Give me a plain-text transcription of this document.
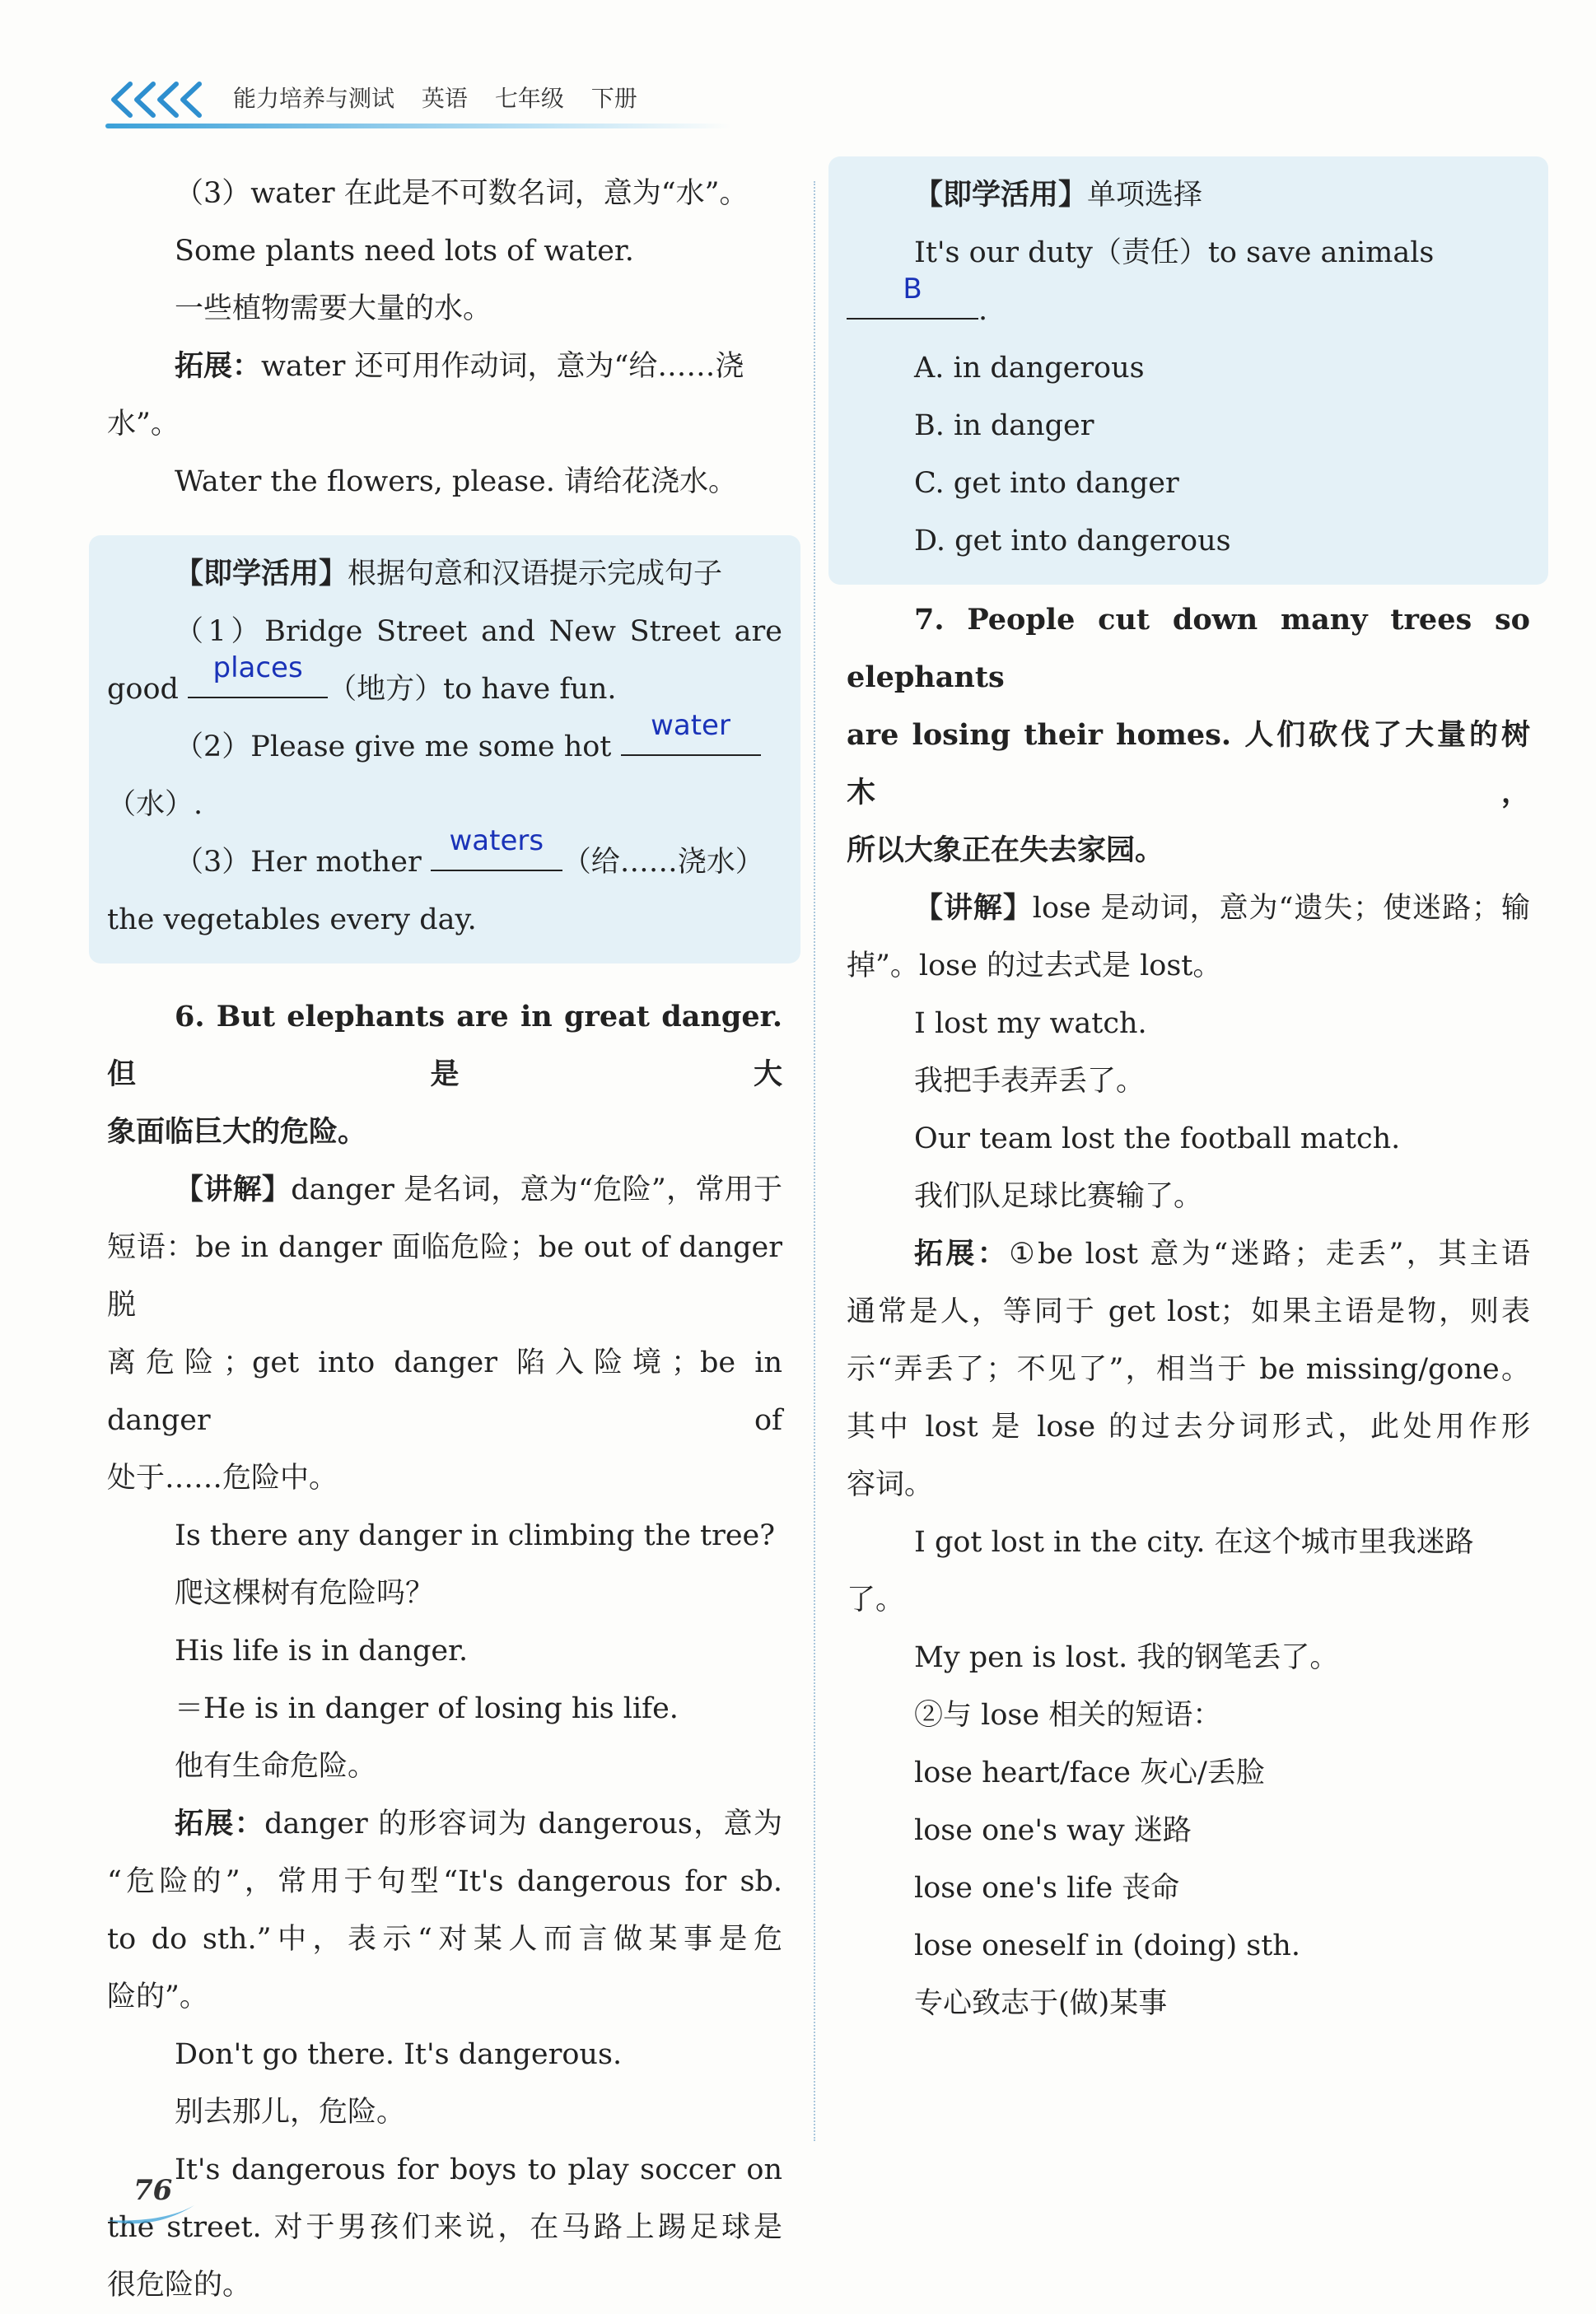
能力培养与测试 英语 七年级 下册

（3）water 在此是不可数名词，意为“水”。

Some plants need lots of water.

一些植物需要大量的水。

拓展：water 还可用作动词，意为“给……浇水”。

Water the flowers, please. 请给花浇水。

【即学活用】根据句意和汉语提示完成句子

（1）Bridge Street and New Street are

good
places
（地方）to have fun.

（2）Please give me some hot
water

（水）.

（3）Her mother
waters
（给……浇水）

the vegetables every day.

6. But elephants are in great danger. 但是大

象面临巨大的危险。

【讲解】danger 是名词，意为“危险”，常用于

短语：be in danger 面临危险；be out of danger 脱

离危险；get into danger 陷入险境；be in danger of

处于……危险中。

Is there any danger in climbing the tree?

爬这棵树有危险吗？

His life is in danger.

＝He is in danger of losing his life.

他有生命危险。

拓展：danger 的形容词为 dangerous，意为

“危险的”，常用于句型“It's dangerous for sb.

to do sth.”中，表示“对某人而言做某事是危

险的”。

Don't go there. It's dangerous.

别去那儿，危险。

It's dangerous for boys to play soccer on

the street. 对于男孩们来说，在马路上踢足球是

很危险的。

【即学活用】单项选择

It's our duty（责任）to save animals

B
.

A. in dangerous

B. in danger

C. get into danger

D. get into dangerous

7. People cut down many trees so elephants

are losing their homes. 人们砍伐了大量的树木，

所以大象正在失去家园。

【讲解】lose 是动词，意为“遗失；使迷路；输

掉”。lose 的过去式是 lost。

I lost my watch.

我把手表弄丢了。

Our team lost the football match.

我们队足球比赛输了。

拓展：①be lost 意为“迷路；走丢”，其主语

通常是人，等同于 get lost；如果主语是物，则表

示“弄丢了；不见了”，相当于 be missing/gone。

其中 lost 是 lose 的过去分词形式，此处用作形

容词。

I got lost in the city. 在这个城市里我迷路了。

My pen is lost. 我的钢笔丢了。

②与 lose 相关的短语：

lose heart/face 灰心/丢脸

lose one's way 迷路

lose one's life 丧命

lose oneself in (doing) sth.

专心致志于(做)某事

76
